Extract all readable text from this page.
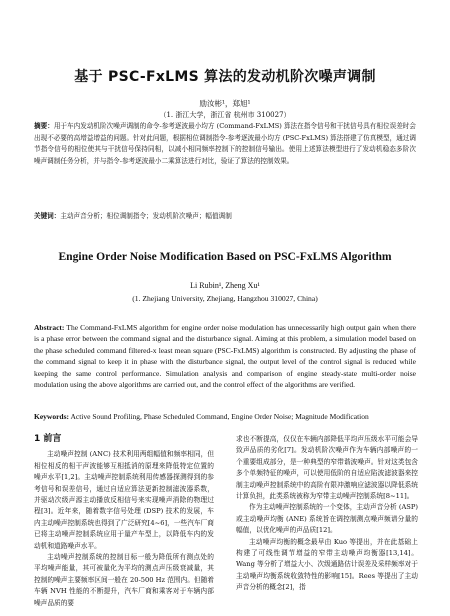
基于 PSC-FxLMS 算法的发动机阶次噪声调制
励汝彬¹，郑旭¹
（1. 浙江大学，浙江省 杭州市 310027）
摘要：用于车内发动机阶次噪声调制的命令-参考逐波最小均方 (Command-FxLMS) 算法在指令信号和干扰信号具有相位误差时会出现不必要的高增益增益的问题。针对此问题，根据相位调制指令-参考逐波最小均方 (PSC-FxLMS) 算法搭建了仿真模型，通过调节指令信号的相位使其与干扰信号保持同相，以减小相同频率控制下的控制信号输出。使用上述算法模型进行了发动机稳态多阶次噪声调制任务分析，并与指令-参考逐波最小二乘算法进行对比，验证了算法的控制效果。
关键词：主动声音分析；相位调制指令；发动机阶次噪声；幅值调制
Engine Order Noise Modification Based on PSC-FxLMS Algorithm
Li Rubin¹, Zheng Xu¹
(1. Zhejiang University, Zhejiang, Hangzhou 310027, China)
Abstract: The Command-FxLMS algorithm for engine order noise modulation has unnecessarily high output gain when there is a phase error between the command signal and the disturbance signal. Aiming at this problem, a simulation model based on the phase scheduled command filtered-x least mean square (PSC-FxLMS) algorithm is constructed. By adjusting the phase of the command signal to keep it in phase with the disturbance signal, the output level of the control signal is reduced while keeping the same control performance. Simulation analysis and comparison of engine steady-state multi-order noise modulation using the above algorithms are carried out, and the control effect of the algorithms are verified.
Keywords: Active Sound Profiling, Phase Scheduled Command, Engine Order Noise; Magnitude Modification
1 前言

主动噪声控制 (ANC) 技术利用两组幅值和频率相同，但相位相反的相干声波能够互相抵消的原理来降低特定位置的噪声水平[1,2]。主动噪声控制系统利用传感器探测得到的参考信号和误差信号，通过自适应算法更新控制滤波器系数，并驱动次级声源主动播放反相信号来实现噪声消除的物理过程[3]。近年来，随着数字信号处理 (DSP) 技术的发展，车内主动噪声控制系统也得到了广泛研究[4~6]，一些汽车厂商已将主动噪声控制系统应用于量产车型上，以降低车内的发动机和道路噪声水平。

主动噪声控制系统的控制目标一般为降低所有测点处的平均噪声能量，其可被量化为平均的测点声压级衰减量，其控制的噪声主要频率区间一般在 20-500 Hz 范围内。但随着车辆 NVH 性能的不断提升，汽车厂商和乘客对于车辆内部噪声品质的要

求也不断提高，仅仅在车辆内部降低平均声压级水平可能会导致声品质的劣化[7]。发动机阶次噪声作为车辆内部噪声的一个重要组成部分，是一种典型的窄带谐波噪声。针对这类包含多个单频特征的噪声，可以使用低阶的自适应陷波滤波器来控制主动噪声控制系统中的高阶有限冲激响应滤波器以降低系统计算负担，此类系统被称为窄带主动噪声控制系统[8~11]。

作为主动噪声控制系统的一个变体，主动声音分析 (ASP) 或主动噪声均衡 (ANE) 系统旨在调控制测点噪声频谱分量的幅值，以优化噪声的声品质[12]。

主动噪声均衡的概念最早由 Kuo 等提出，并在此基础上构建了可线性调节增益的窄带主动噪声均衡器[13,14]。Wang 等分析了增益大小、次级通路估计误差及采样频率对于主动噪声均衡系统收敛特性的影响[15]。Rees 等提出了主动声音分析的概念[2]，指
